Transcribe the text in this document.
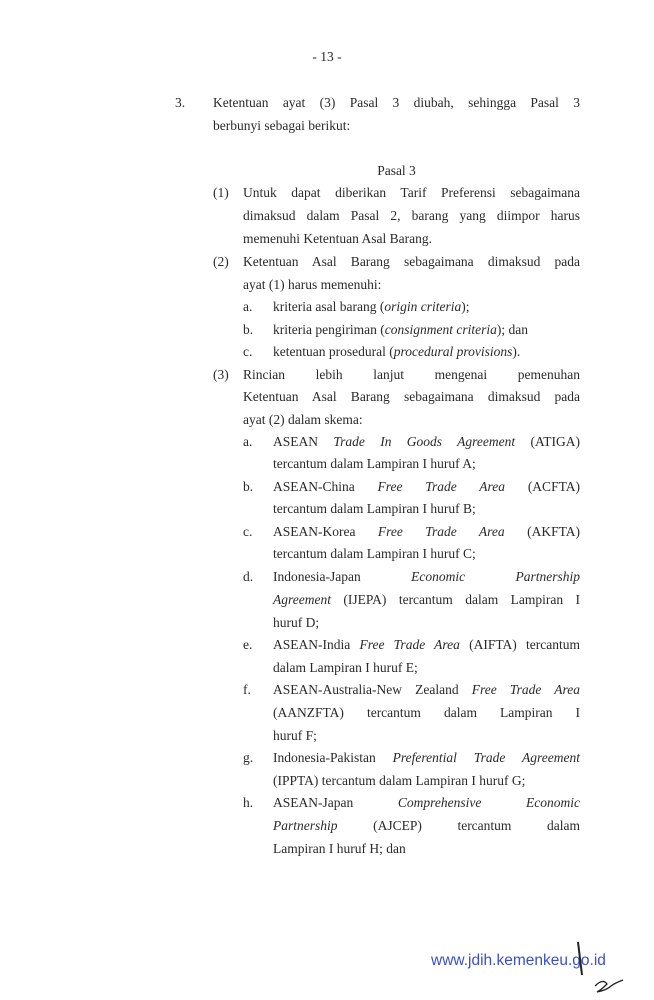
- 13 -
Pasal 3
3. Ketentuan ayat (3) Pasal 3 diubah, sehingga Pasal 3
berbunyi sebagai berikut:
(1) Untuk dapat diberikan Tarif Preferensi sebagaimana
dimaksud dalam Pasal 2, barang yang diimpor harus
memenuhi Ketentuan Asal Barang.
(2) Ketentuan Asal Barang sebagaimana dimaksud pada
ayat (1) harus memenuhi:
a. kriteria asal barang (origin criteria);
b. kriteria pengiriman (consignment criteria); dan
c. ketentuan prosedural (procedural provisions).
(3) Rincian lebih lanjut mengenai pemenuhan
Ketentuan Asal Barang sebagaimana dimaksud pada
ayat (2) dalam skema:
a. ASEAN Trade In Goods Agreement (ATIGA)
tercantum dalam Lampiran I huruf A;
b. ASEAN-China Free Trade Area (ACFTA)
tercantum dalam Lampiran I huruf B;
c. ASEAN-Korea Free Trade Area (AKFTA)
tercantum dalam Lampiran I huruf C;
d. Indonesia-Japan Economic Partnership
Agreement (IJEPA) tercantum dalam Lampiran I
huruf D;
e. ASEAN-India Free Trade Area (AIFTA) tercantum
dalam Lampiran I huruf E;
f. ASEAN-Australia-New Zealand Free Trade Area
(AANZFTA) tercantum dalam Lampiran I
huruf F;
g. Indonesia-Pakistan Preferential Trade Agreement
(IPPTA) tercantum dalam Lampiran I huruf G;
h. ASEAN-Japan Comprehensive Economic
Partnership (AJCEP) tercantum dalam
Lampiran I huruf H; dan
www.jdih.kemenkeu.go.id
